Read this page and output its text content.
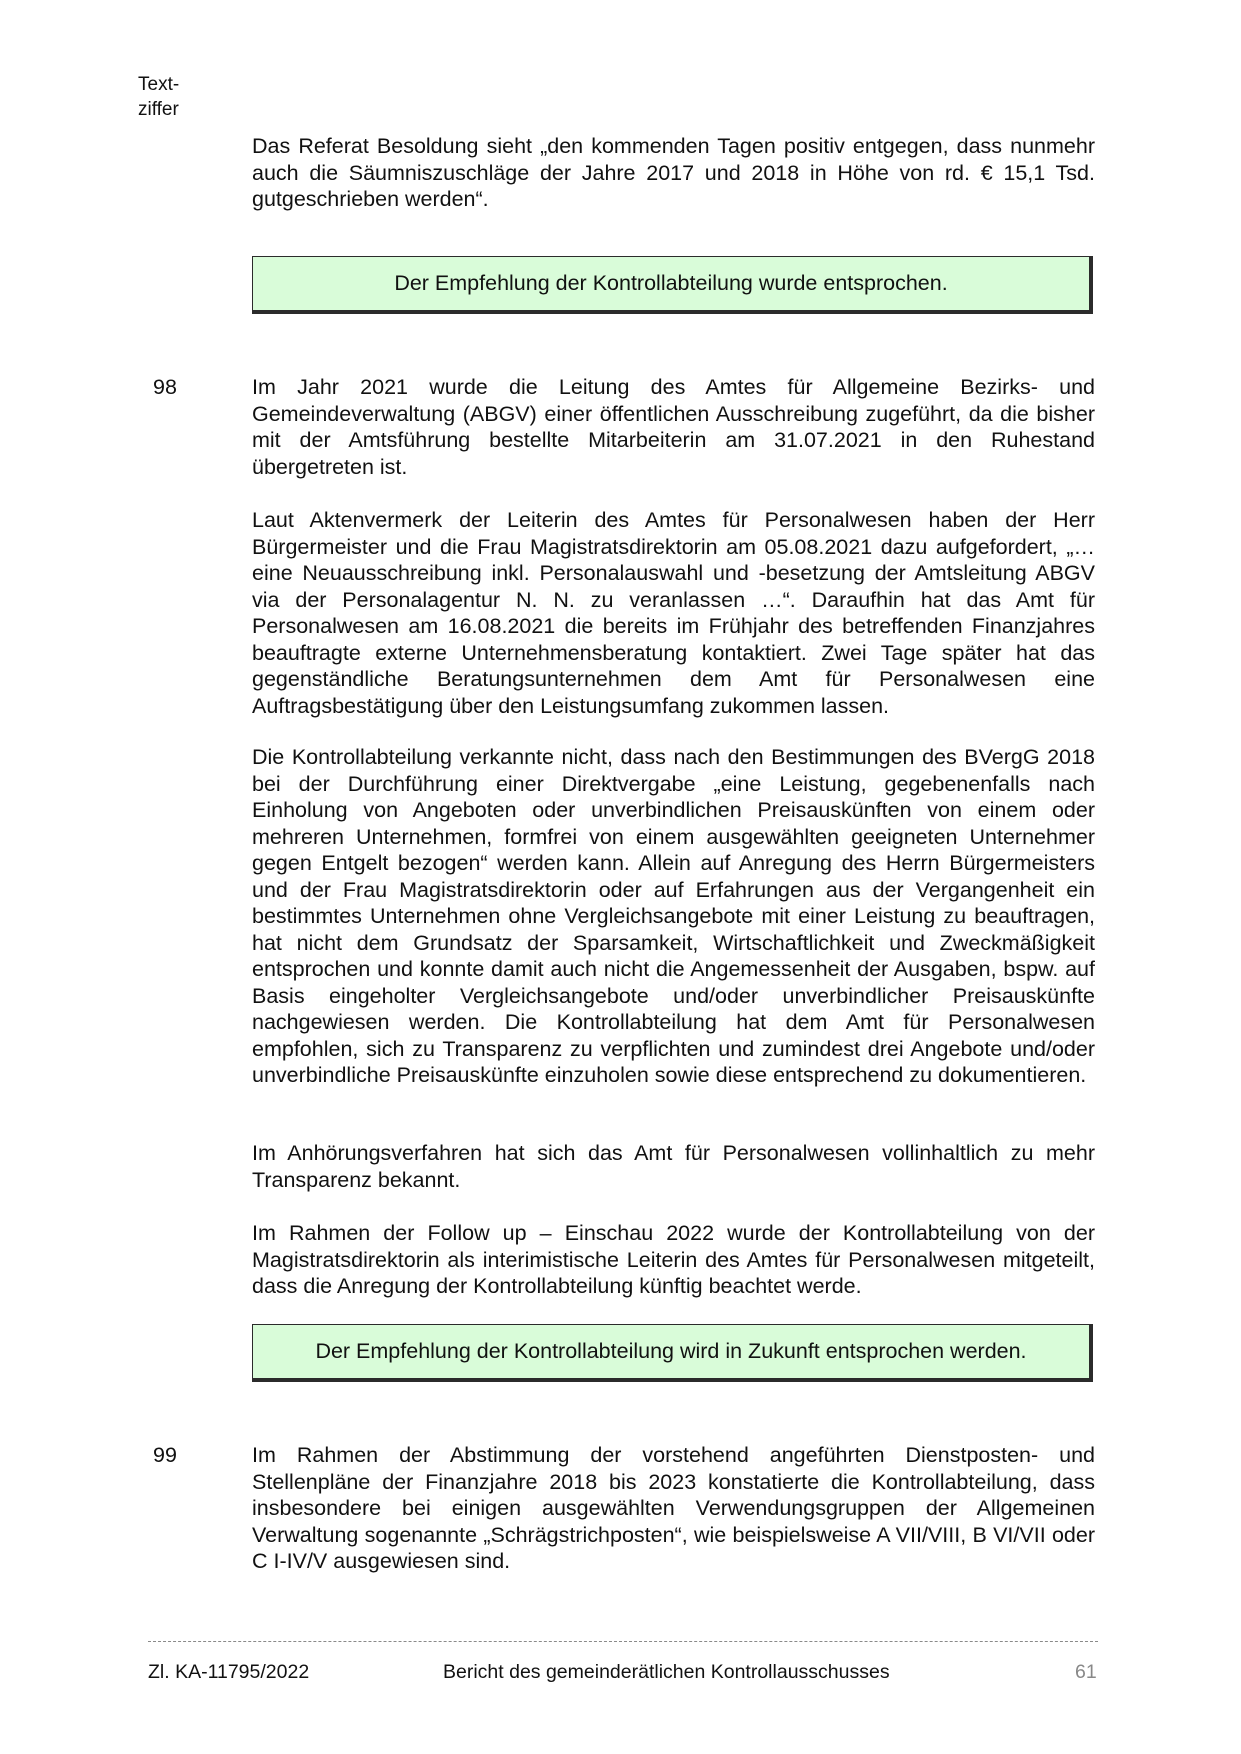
Text-
ziffer

Das Referat Besoldung sieht „den kommenden Tagen positiv entgegen, dass nunmehr auch die Säumniszuschläge der Jahre 2017 und 2018 in Höhe von rd. € 15,1 Tsd. gutgeschrieben werden“.

Der Empfehlung der Kontrollabteilung wurde entsprochen.
98	Im Jahr 2021 wurde die Leitung des Amtes für Allgemeine Bezirks- und Gemeindeverwaltung (ABGV) einer öffentlichen Ausschreibung zugeführt, da die bisher mit der Amtsführung bestellte Mitarbeiterin am 31.07.2021 in den Ruhestand übergetreten ist.

Laut Aktenvermerk der Leiterin des Amtes für Personalwesen haben der Herr Bürgermeister und die Frau Magistratsdirektorin am 05.08.2021 dazu aufgefordert, „… eine Neuausschreibung inkl. Personalauswahl und -besetzung der Amtsleitung ABGV via der Personalagentur N. N. zu veranlassen …“. Daraufhin hat das Amt für Personalwesen am 16.08.2021 die bereits im Frühjahr des betreffenden Finanzjahres beauftragte externe Unternehmensberatung kontaktiert. Zwei Tage später hat das gegenständliche Beratungsunternehmen dem Amt für Personalwesen eine Auftragsbestätigung über den Leistungsumfang zukommen lassen.

Die Kontrollabteilung verkannte nicht, dass nach den Bestimmungen des BVergG 2018 bei der Durchführung einer Direktvergabe „eine Leistung, gegebenenfalls nach Einholung von Angeboten oder unverbindlichen Preisauskünften von einem oder mehreren Unternehmen, formfrei von einem ausgewählten geeigneten Unternehmer gegen Entgelt bezogen“ werden kann. Allein auf Anregung des Herrn Bürgermeisters und der Frau Magistratsdirektorin oder auf Erfahrungen aus der Vergangenheit ein bestimmtes Unternehmen ohne Vergleichsangebote mit einer Leistung zu beauftragen, hat nicht dem Grundsatz der Sparsamkeit, Wirtschaftlichkeit und Zweckmäßigkeit entsprochen und konnte damit auch nicht die Angemessenheit der Ausgaben, bspw. auf Basis eingeholter Vergleichsangebote und/oder unverbindlicher Preisauskünfte nachgewiesen werden. Die Kontrollabteilung hat dem Amt für Personalwesen empfohlen, sich zu Transparenz zu verpflichten und zumindest drei Angebote und/oder unverbindliche Preisauskünfte einzuholen sowie diese entsprechend zu dokumentieren.

Im Anhörungsverfahren hat sich das Amt für Personalwesen vollinhaltlich zu mehr Transparenz bekannt.

Im Rahmen der Follow up – Einschau 2022 wurde der Kontrollabteilung von der Magistratsdirektorin als interimistische Leiterin des Amtes für Personalwesen mitgeteilt, dass die Anregung der Kontrollabteilung künftig beachtet werde.

Der Empfehlung der Kontrollabteilung wird in Zukunft entsprochen werden.
99	Im Rahmen der Abstimmung der vorstehend angeführten Dienstposten- und Stellenpläne der Finanzjahre 2018 bis 2023 konstatierte die Kontrollabteilung, dass insbesondere bei einigen ausgewählten Verwendungsgruppen der Allgemeinen Verwaltung sogenannte „Schrägstrichposten“, wie beispielsweise A VII/VIII, B VI/VII oder C I-IV/V ausgewiesen sind.

Zl. KA-11795/2022	Bericht des gemeinderätlichen Kontrollausschusses	61
